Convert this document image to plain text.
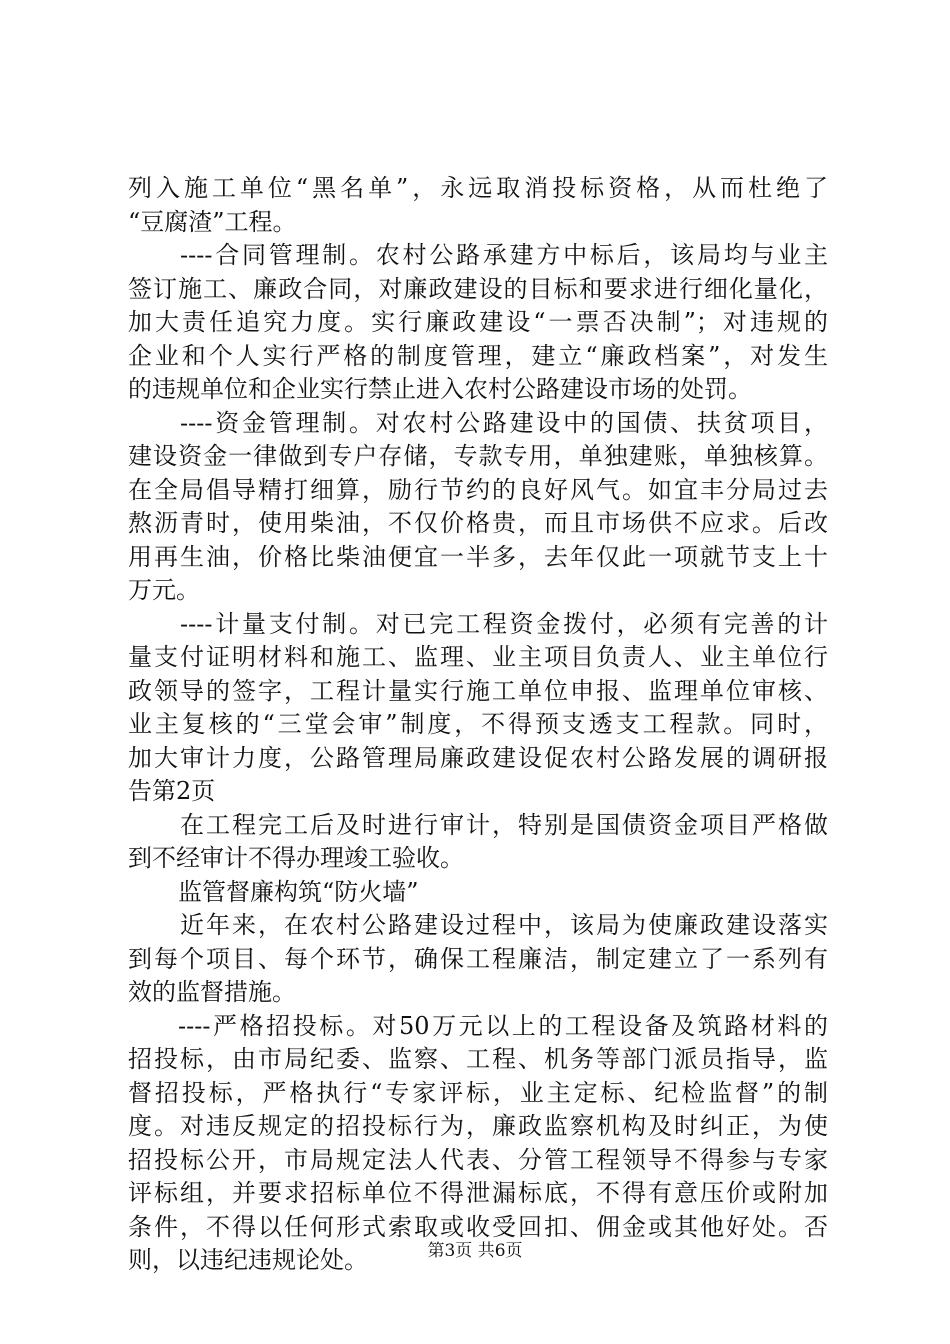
列入施工单位“黑名单”，永远取消投标资格，从而杜绝了
“豆腐渣”工程。
----合同管理制。农村公路承建方中标后，该局均与业主
签订施工、廉政合同，对廉政建设的目标和要求进行细化量化，
加大责任追究力度。实行廉政建设“一票否决制”；对违规的
企业和个人实行严格的制度管理，建立“廉政档案”，对发生
的违规单位和企业实行禁止进入农村公路建设市场的处罚。
----资金管理制。对农村公路建设中的国债、扶贫项目，
建设资金一律做到专户存储，专款专用，单独建账，单独核算。
在全局倡导精打细算，励行节约的良好风气。如宜丰分局过去
熬沥青时，使用柴油，不仅价格贵，而且市场供不应求。后改
用再生油，价格比柴油便宜一半多，去年仅此一项就节支上十
万元。
----计量支付制。对已完工程资金拨付，必须有完善的计
量支付证明材料和施工、监理、业主项目负责人、业主单位行
政领导的签字，工程计量实行施工单位申报、监理单位审核、
业主复核的“三堂会审”制度，不得预支透支工程款。同时，
加大审计力度，公路管理局廉政建设促农村公路发展的调研报
告第2页
在工程完工后及时进行审计，特别是国债资金项目严格做
到不经审计不得办理竣工验收。
监管督廉构筑“防火墙”
近年来，在农村公路建设过程中，该局为使廉政建设落实
到每个项目、每个环节，确保工程廉洁，制定建立了一系列有
效的监督措施。
----严格招投标。对50万元以上的工程设备及筑路材料的
招投标，由市局纪委、监察、工程、机务等部门派员指导，监
督招投标，严格执行“专家评标，业主定标、纪检监督”的制
度。对违反规定的招投标行为，廉政监察机构及时纠正，为使
招投标公开，市局规定法人代表、分管工程领导不得参与专家
评标组，并要求招标单位不得泄漏标底，不得有意压价或附加
条件，不得以任何形式索取或收受回扣、佣金或其他好处。否
则，以违纪违规论处。	第3页 共6页
